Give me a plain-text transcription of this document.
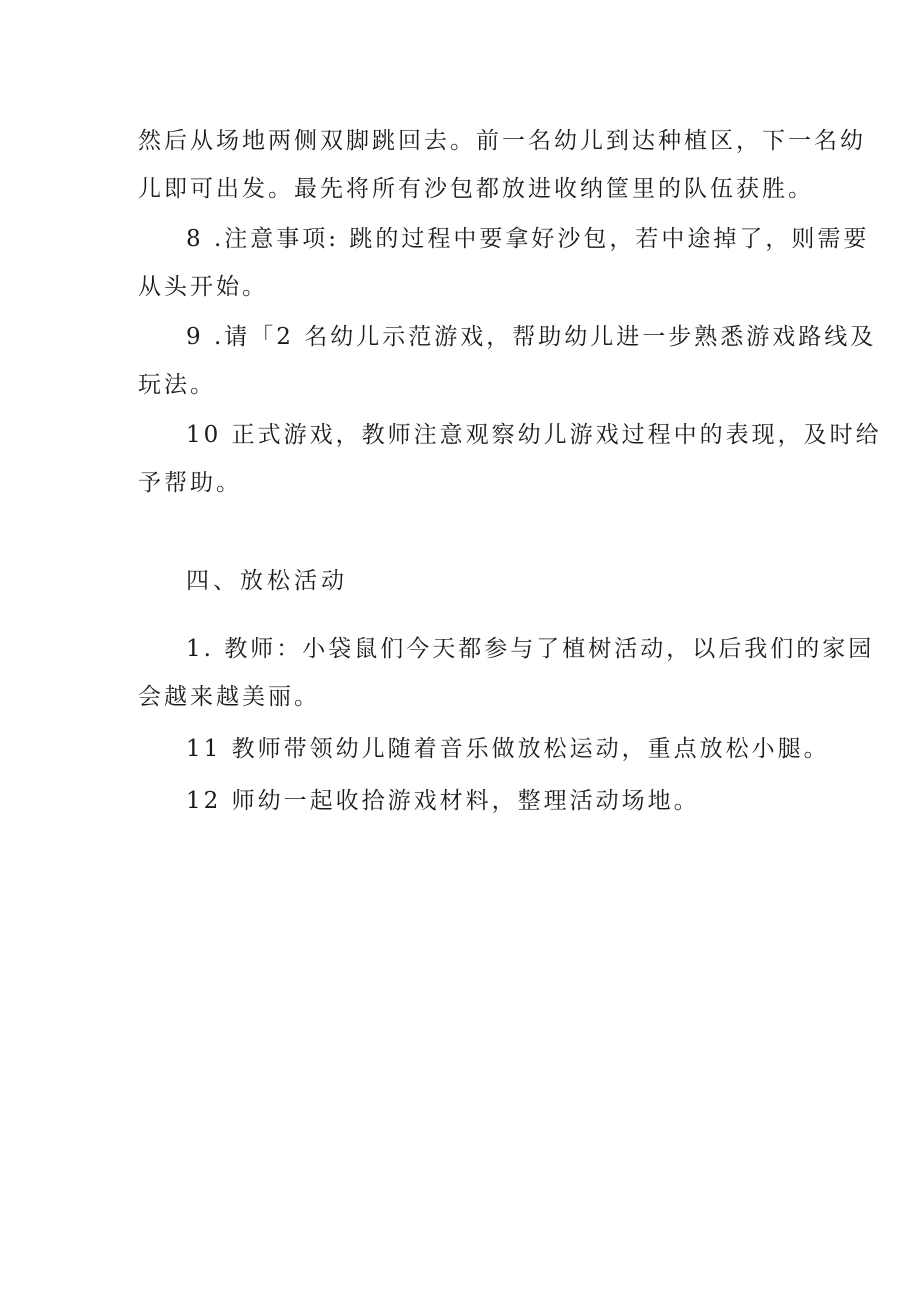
然后从场地两侧双脚跳回去。前一名幼儿到达种植区，下一名幼
儿即可出发。最先将所有沙包都放进收纳筐里的队伍获胜。
8 .注意事项: 跳的过程中要拿好沙包，若中途掉了，则需要
从头开始。
9 .请「2 名幼儿示范游戏，帮助幼儿进一步熟悉游戏路线及
玩法。
10 正式游戏，教师注意观察幼儿游戏过程中的表现，及时给
予帮助。
四、放松活动
1. 教师：小袋鼠们今天都参与了植树活动，以后我们的家园
会越来越美丽。
11 教师带领幼儿随着音乐做放松运动，重点放松小腿。
12 师幼一起收拾游戏材料，整理活动场地。
